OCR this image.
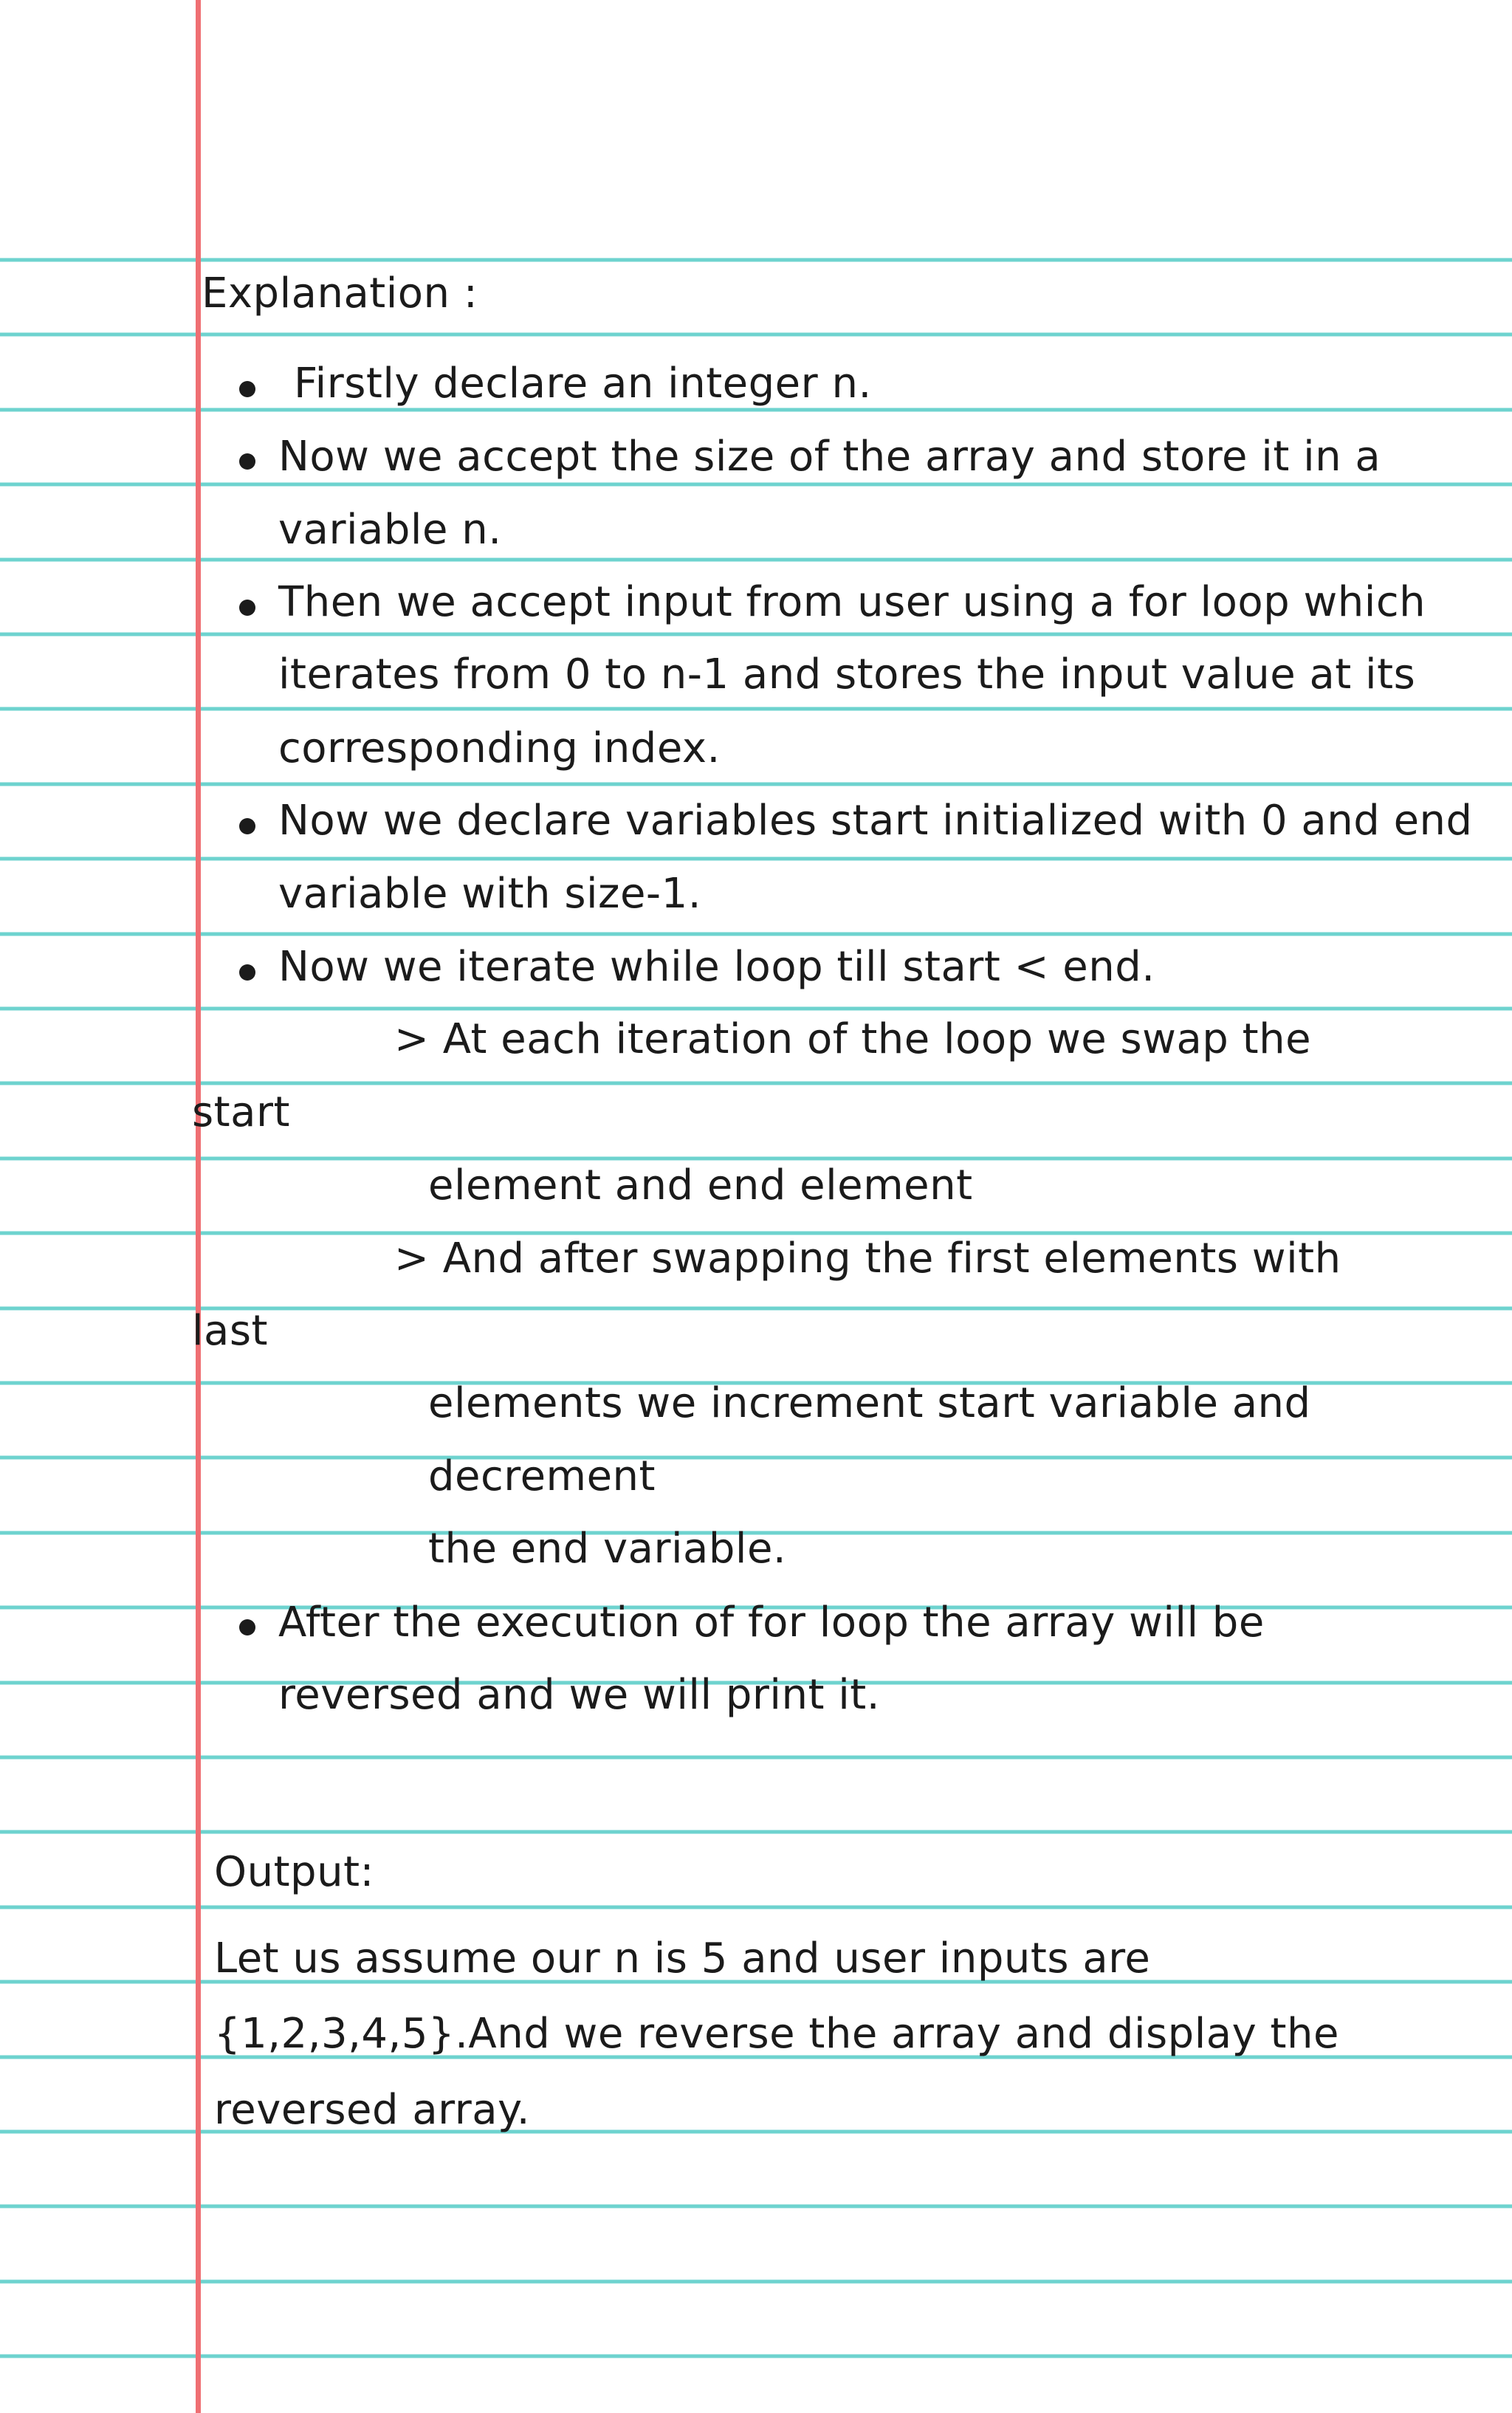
Explanation :
Firstly declare an integer n.
Now we accept the size of the array and store it in a
variable n.
Then we accept input from user using a for loop which
iterates from 0 to n-1 and stores the input value at its
corresponding index.
Now we declare variables start initialized with 0 and end
variable with size-1.
Now we iterate while loop till start < end.
> At each iteration of the loop we swap the
start
element and end element
> And after swapping the first elements with
last
elements we increment start variable and
decrement
the end variable.
After the execution of for loop the array will be
reversed and we will print it.
Output:
Let us assume our n is 5 and user inputs are
{1,2,3,4,5}.And we reverse the array and display the
reversed array.
